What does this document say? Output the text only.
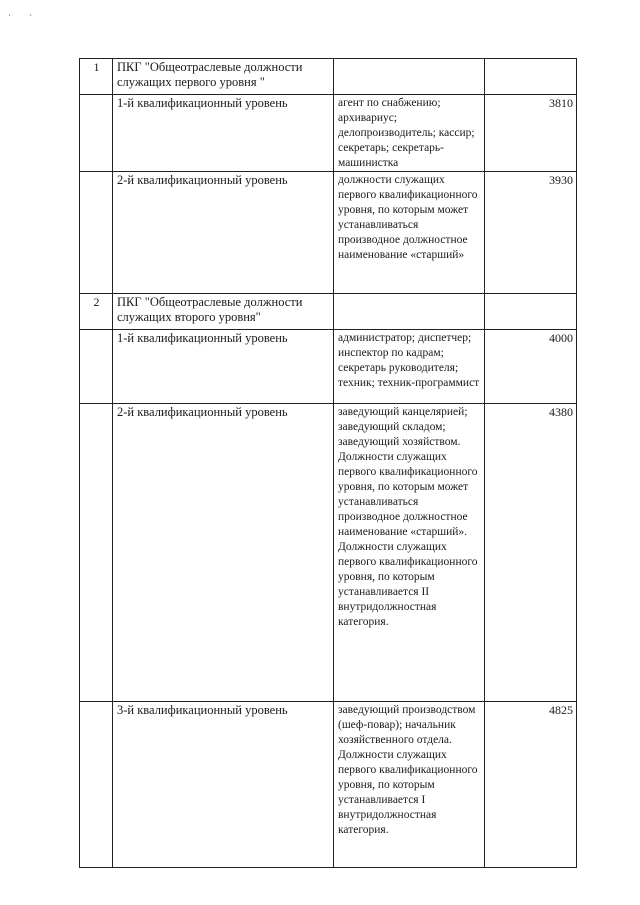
· ·
1	ПКГ "Общеотраслевые должности служащих первого уровня "		
	1-й квалификационный уровень	агент по снабжению; архивариус; делопроизводитель; кассир; секретарь; секретарь-машинистка	3810
	2-й квалификационный уровень	должности служащих первого квалификационного уровня, по которым может устанавливаться производное должностное наименование «старший»	3930
2	ПКГ "Общеотраслевые должности служащих второго уровня"		
	1-й квалификационный уровень	администратор; диспетчер; инспектор по кадрам; секретарь руководителя; техник; техник-программист	4000
	2-й квалификационный уровень	заведующий канцелярией; заведующий складом; заведующий хозяйством. Должности служащих первого квалификационного уровня, по которым может устанавливаться производное должностное наименование «старший». Должности служащих первого квалификационного уровня, по которым устанавливается II внутридолжностная категория.	4380
	3-й квалификационный уровень	заведующий производством (шеф-повар); начальник хозяйственного отдела. Должности служащих первого квалификационного уровня, по которым устанавливается I внутридолжностная категория.	4825
